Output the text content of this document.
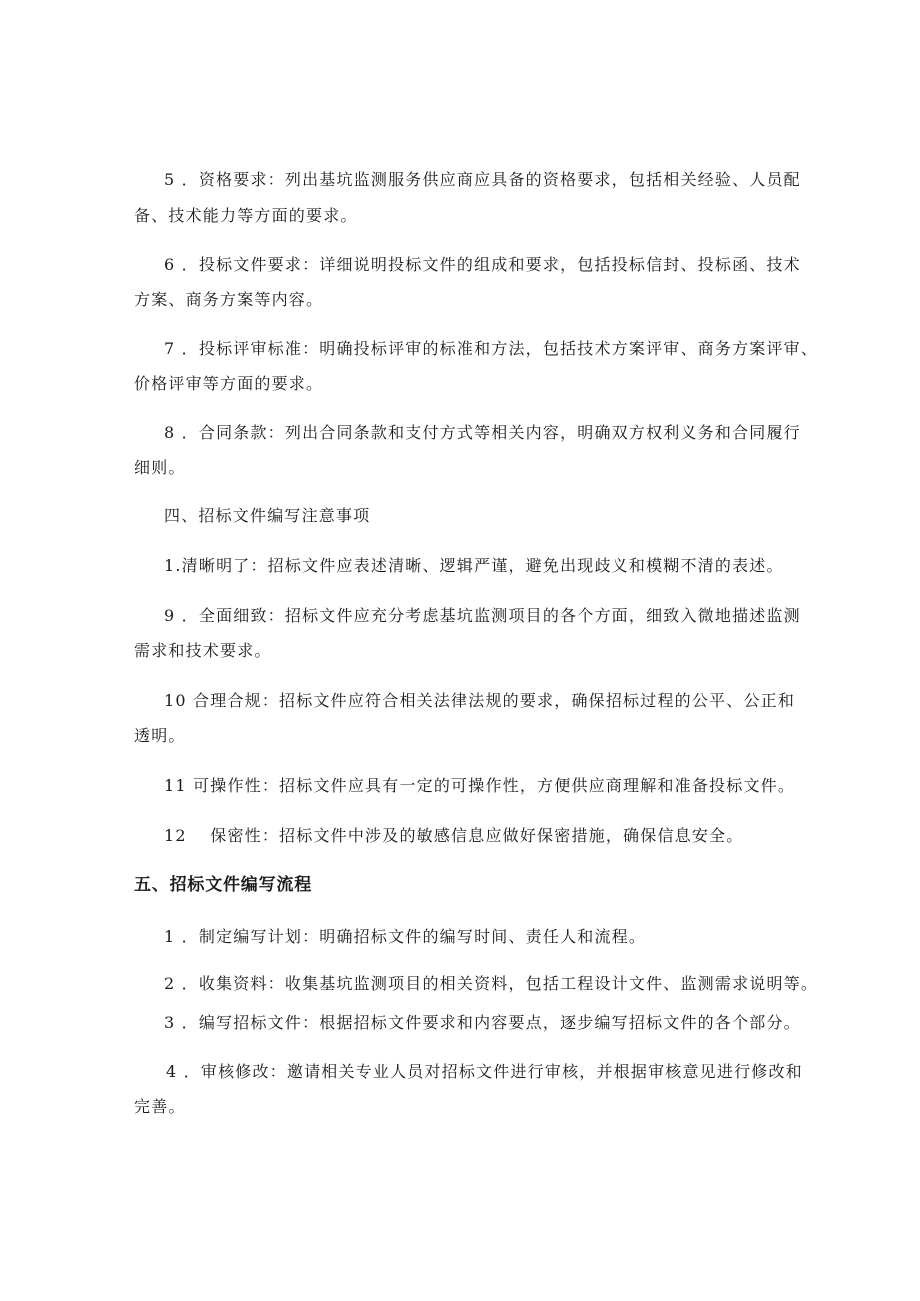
5 ．资格要求：列出基坑监测服务供应商应具备的资格要求，包括相关经验、人员配
备、技术能力等方面的要求。
6 ．投标文件要求：详细说明投标文件的组成和要求，包括投标信封、投标函、技术
方案、商务方案等内容。
7 ．投标评审标准：明确投标评审的标准和方法，包括技术方案评审、商务方案评审、
价格评审等方面的要求。
8 ．合同条款：列出合同条款和支付方式等相关内容，明确双方权利义务和合同履行
细则。
四、招标文件编写注意事项
1.清晰明了：招标文件应表述清晰、逻辑严谨，避免出现歧义和模糊不清的表述。
9 ．全面细致：招标文件应充分考虑基坑监测项目的各个方面，细致入微地描述监测
需求和技术要求。
10 合理合规：招标文件应符合相关法律法规的要求，确保招标过程的公平、公正和
透明。
11 可操作性：招标文件应具有一定的可操作性，方便供应商理解和准备投标文件。
12　 保密性：招标文件中涉及的敏感信息应做好保密措施，确保信息安全。
五、招标文件编写流程
1 ．制定编写计划：明确招标文件的编写时间、责任人和流程。
2 ．收集资料：收集基坑监测项目的相关资料，包括工程设计文件、监测需求说明等。
3 ．编写招标文件：根据招标文件要求和内容要点，逐步编写招标文件的各个部分。
4 ．审核修改：邀请相关专业人员对招标文件进行审核，并根据审核意见进行修改和
完善。
